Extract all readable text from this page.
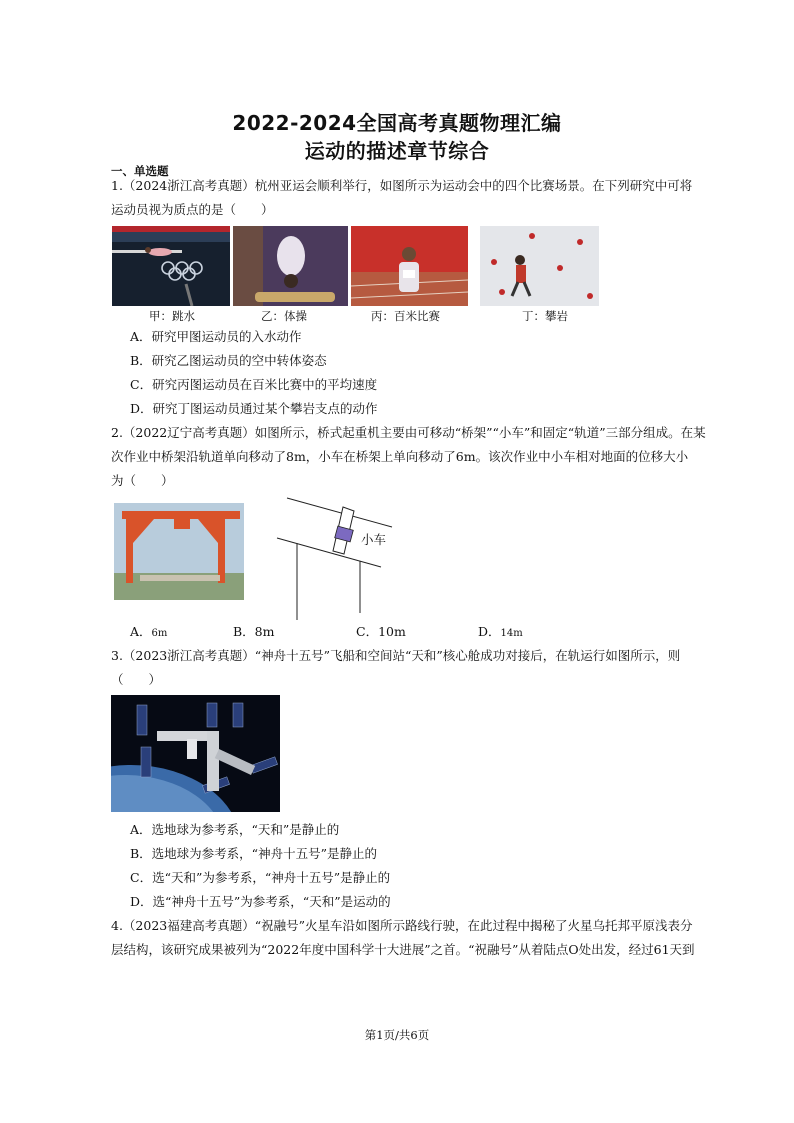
2022-2024全国高考真题物理汇编
运动的描述章节综合
一、单选题
1.（2024浙江高考真题）杭州亚运会顺利举行，如图所示为运动会中的四个比赛场景。在下列研究中可将
运动员视为质点的是（　　）
甲：跳水	乙：体操	丙：百米比赛	丁：攀岩
A．研究甲图运动员的入水动作
B．研究乙图运动员的空中转体姿态
C．研究丙图运动员在百米比赛中的平均速度
D．研究丁图运动员通过某个攀岩支点的动作
2.（2022辽宁高考真题）如图所示，桥式起重机主要由可移动“桥架”“小车”和固定“轨道”三部分组成。在某
次作业中桥架沿轨道单向移动了8m，小车在桥架上单向移动了6m。该次作业中小车相对地面的位移大小
为（　　）
小车
A．6m	B．8m	C．10m	D．14m
3.（2023浙江高考真题）“神舟十五号”飞船和空间站“天和”核心舱成功对接后，在轨运行如图所示，则
（　　）
A．选地球为参考系，“天和”是静止的
B．选地球为参考系，“神舟十五号”是静止的
C．选“天和”为参考系，“神舟十五号”是静止的
D．选“神舟十五号”为参考系，“天和”是运动的
4.（2023福建高考真题）“祝融号”火星车沿如图所示路线行驶，在此过程中揭秘了火星乌托邦平原浅表分
层结构，该研究成果被列为“2022年度中国科学十大进展”之首。“祝融号”从着陆点O处出发，经过61天到
第1页/共6页
